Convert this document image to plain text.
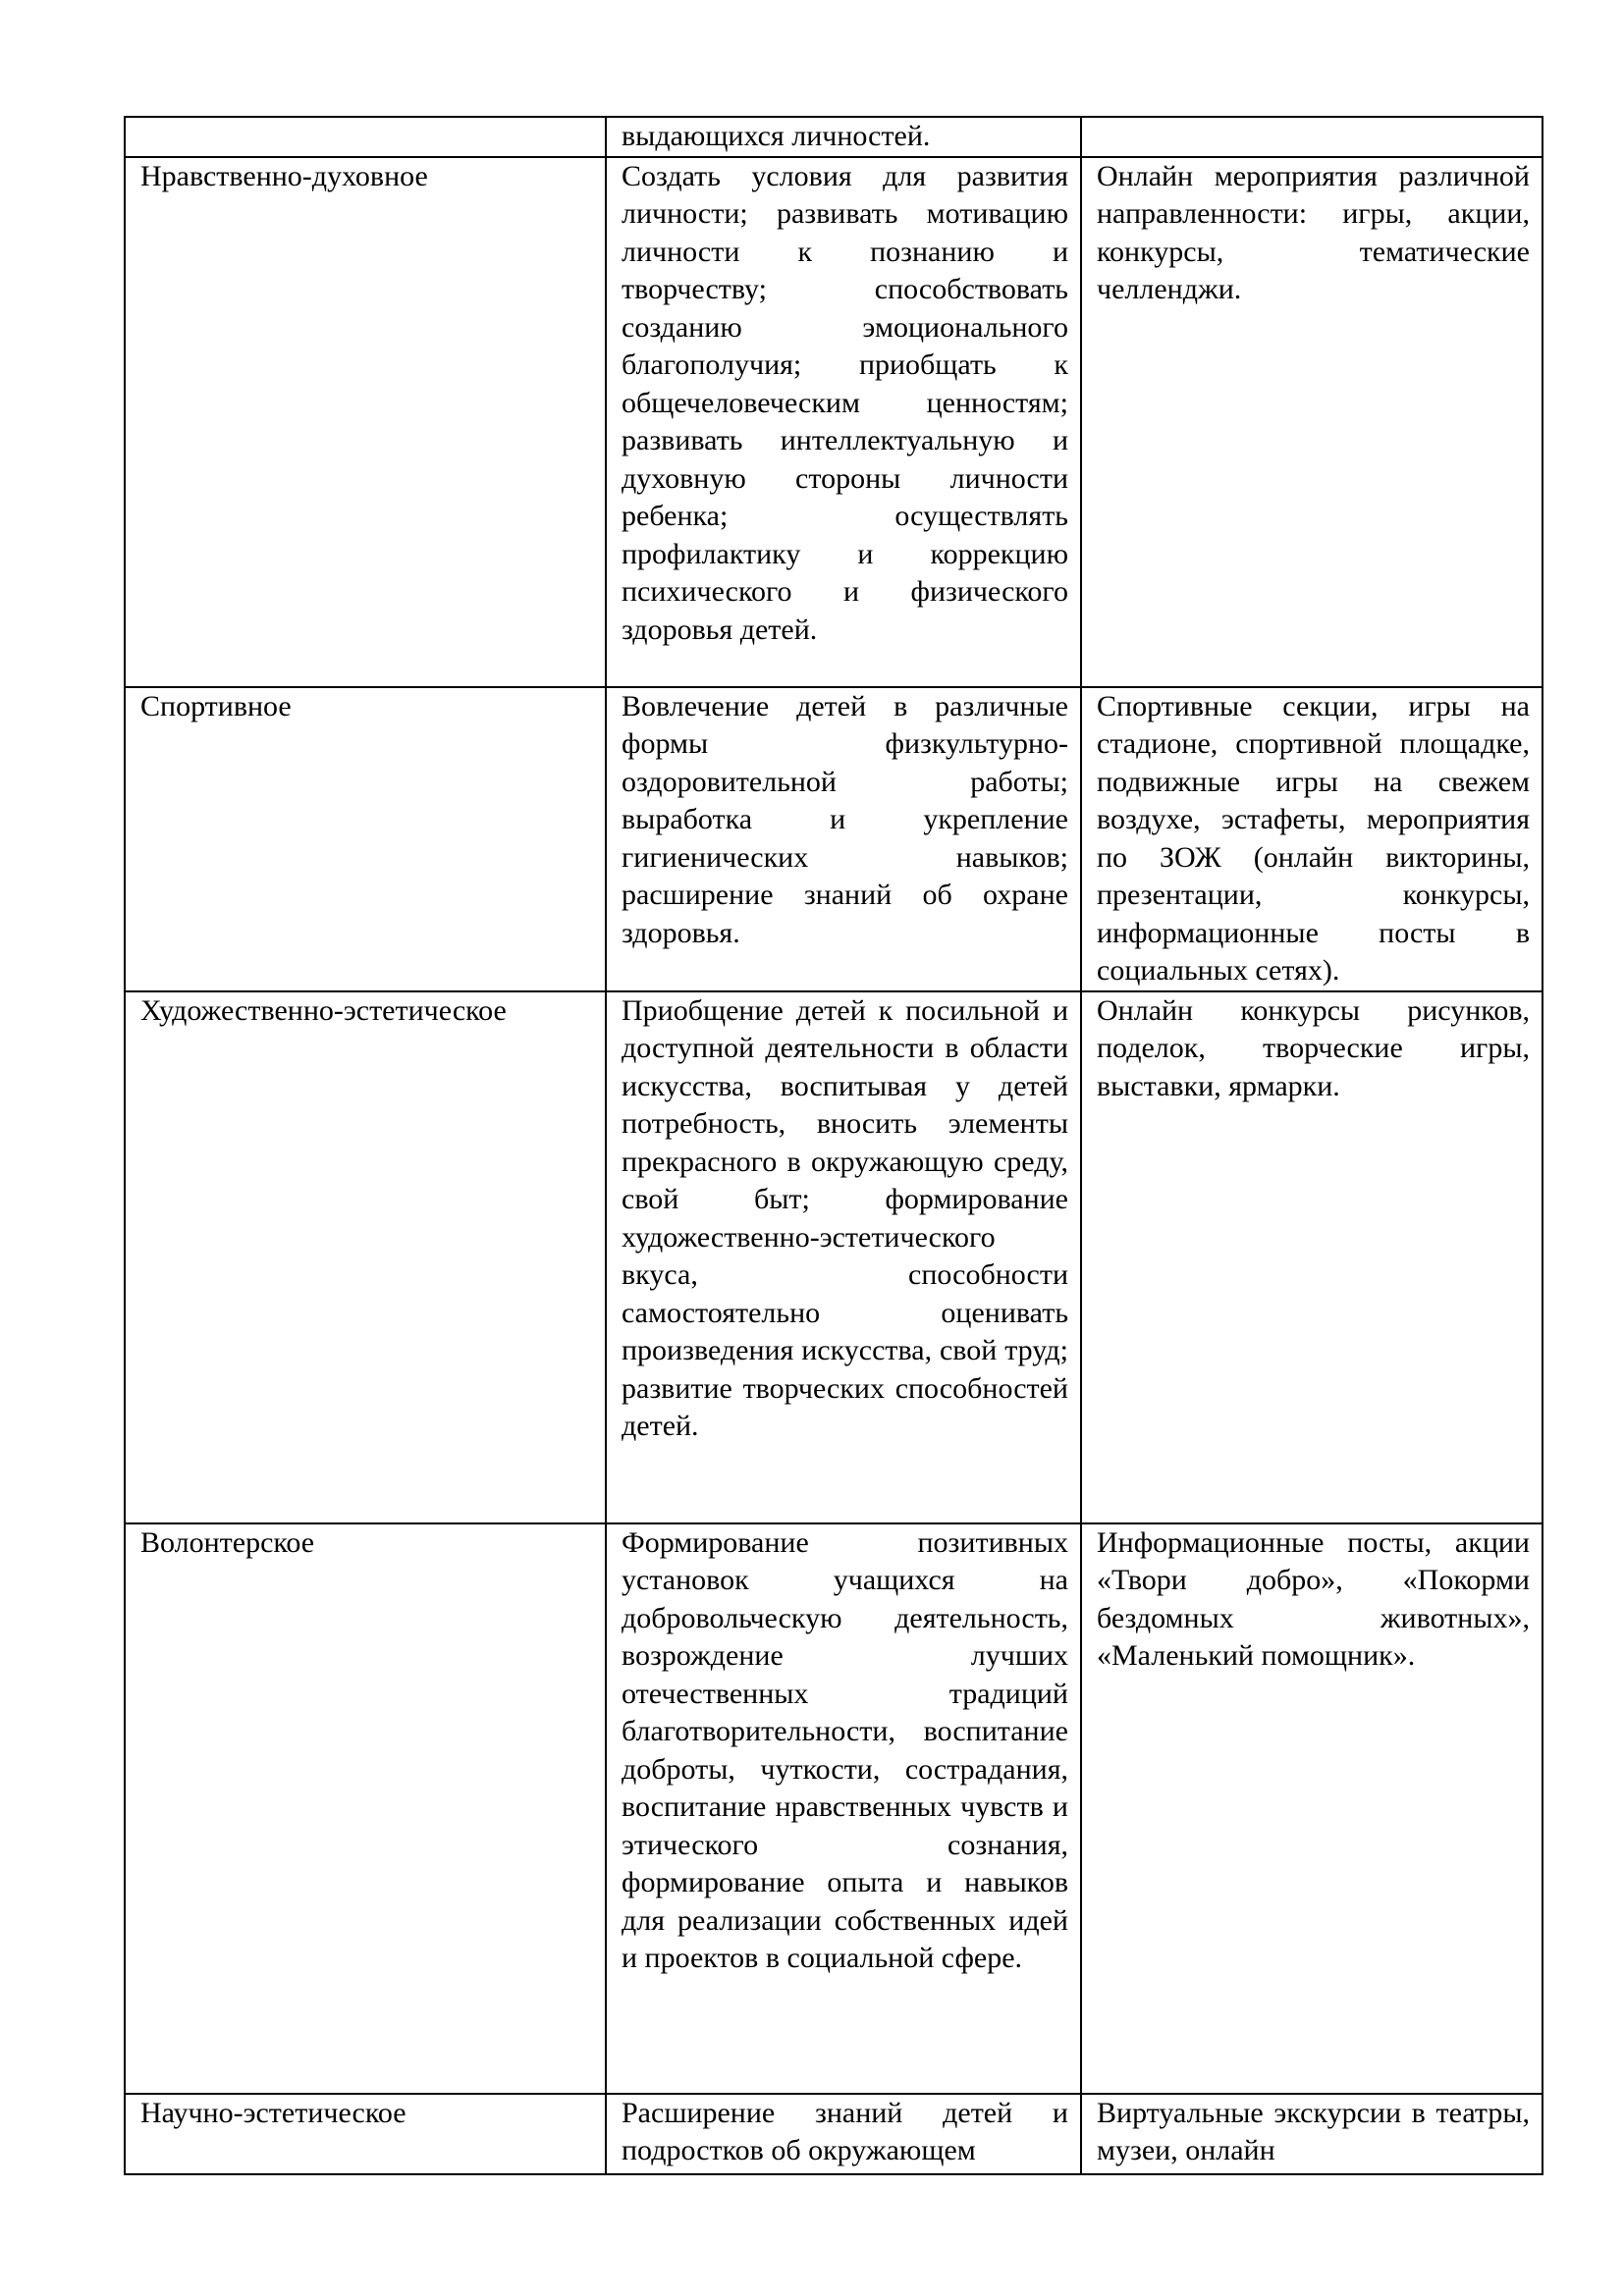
	выдающихся личностей.	
Нравственно-духовное	Создать условия для развития личности; развивать мотивацию личности к познанию и творчеству; способствовать созданию эмоционального благополучия; приобщать к общечеловеческим ценностям; развивать интеллектуальную и духовную стороны личности ребенка; осуществлять профилактику и коррекцию психического и физического здоровья детей.	Онлайн мероприятия различной направленности: игры, акции, конкурсы, тематические челленджи.
Спортивное	Вовлечение детей в различные формы физкультурно-оздоровительной работы; выработка и укрепление гигиенических навыков; расширение знаний об охране здоровья.	Спортивные секции, игры на стадионе, спортивной площадке, подвижные игры на свежем воздухе, эстафеты, мероприятия по ЗОЖ (онлайн викторины, презентации, конкурсы, информационные посты в социальных сетях).
Художественно-эстетическое	Приобщение детей к посильной и доступной деятельности в области искусства, воспитывая у детей потребность, вносить элементы прекрасного в окружающую среду, свой быт; формирование художественно-эстетического вкуса, способности самостоятельно оценивать произведения искусства, свой труд; развитие творческих способностей детей.	Онлайн конкурсы рисунков, поделок, творческие игры, выставки, ярмарки.
Волонтерское	Формирование позитивных установок учащихся на добровольческую деятельность, возрождение лучших отечественных традиций благотворительности, воспитание доброты, чуткости, сострадания, воспитание нравственных чувств и этического сознания, формирование опыта и навыков для реализации собственных идей и проектов в социальной сфере.	Информационные посты, акции «Твори добро», «Покорми бездомных животных», «Маленький помощник».
Научно-эстетическое	Расширение знаний детей и подростков об окружающем	Виртуальные экскурсии в театры, музеи, онлайн
